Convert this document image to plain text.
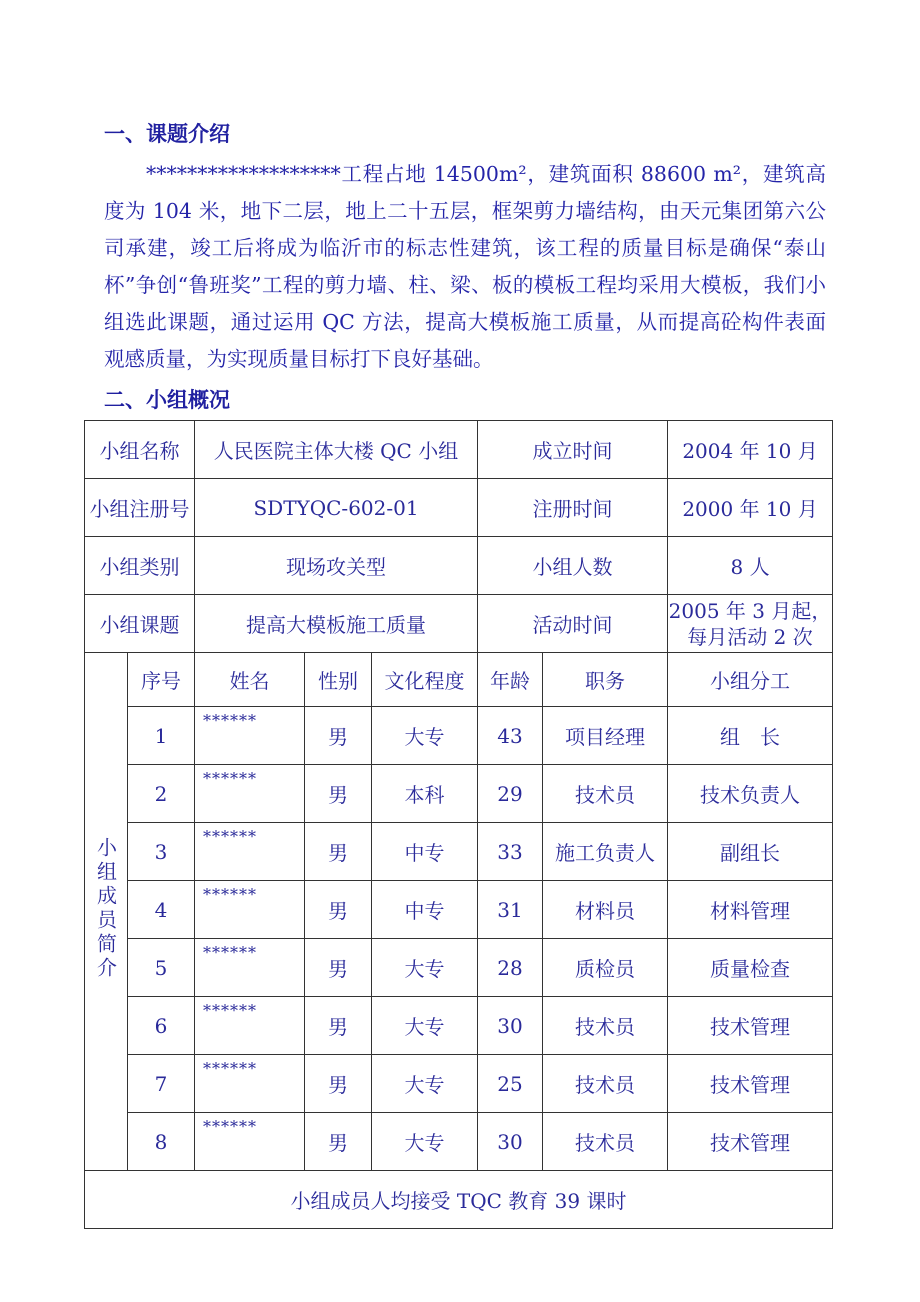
一、课题介绍
*******************工程占地 14500m²，建筑面积 88600 m²，建筑高度为 104 米，地下二层，地上二十五层，框架剪力墙结构，由天元集团第六公司承建，竣工后将成为临沂市的标志性建筑，该工程的质量目标是确保“泰山杯”争创“鲁班奖”工程的剪力墙、柱、梁、板的模板工程均采用大模板，我们小组选此课题，通过运用 QC 方法，提高大模板施工质量，从而提高砼构件表面观感质量，为实现质量目标打下良好基础。
二、小组概况
小组名称		人民医院主体大楼 QC 小组			成立时间		2004 年 10 月
小组注册号		SDTYQC-602-01			注册时间		2000 年 10 月
小组类别		现场攻关型			小组人数		8 人
小组课题		提高大模板施工质量			活动时间		2005 年 3 月起，
每月活动 2 次
小组成员简介	序号	姓名	性别	文化程度	年龄	职务	小组分工
	1	******	男	大专	43	项目经理	组　长
	2	******	男	本科	29	技术员	技术负责人
	3	******	男	中专	33	施工负责人	副组长
	4	******	男	中专	31	材料员	材料管理
	5	******	男	大专	28	质检员	质量检查
	6	******	男	大专	30	技术员	技术管理
	7	******	男	大专	25	技术员	技术管理
	8	******	男	大专	30	技术员	技术管理
小组成员人均接受 TQC 教育 39 课时							
